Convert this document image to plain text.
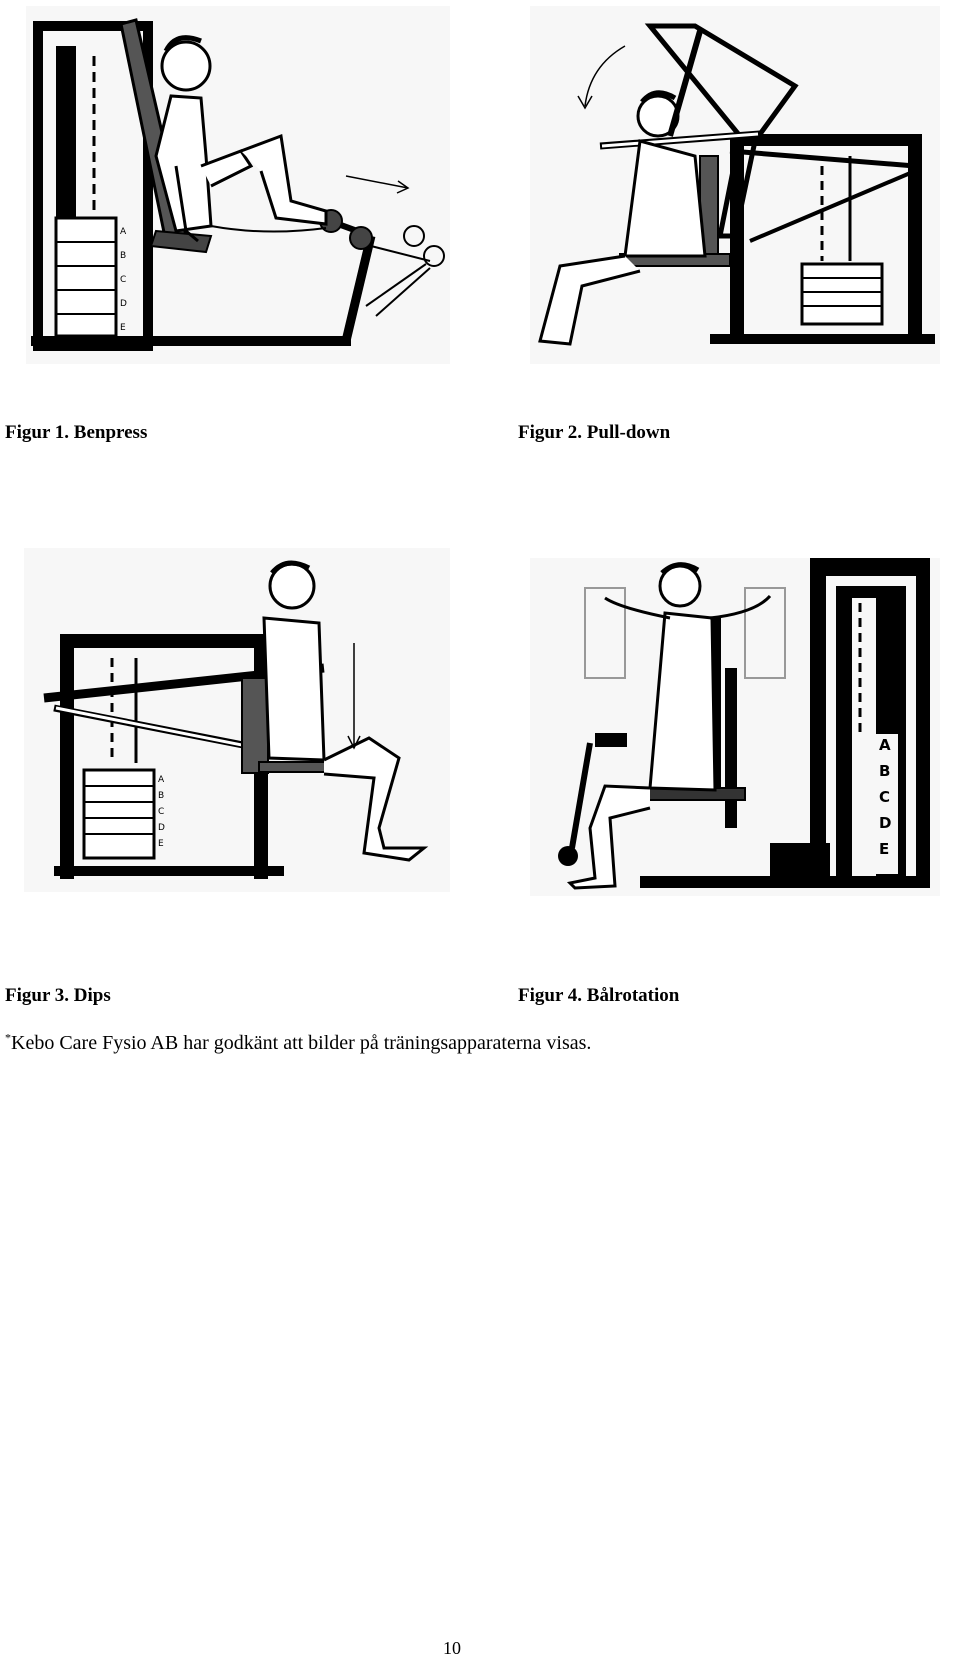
A
B
C
D
E
A
B
C
D
E
A
B
C
D
E
Figur 1. Benpress	Figur 2. Pull-down
Figur 3. Dips	Figur 4. Bålrotation
*Kebo Care Fysio AB har godkänt att bilder på träningsapparaterna visas.
10
